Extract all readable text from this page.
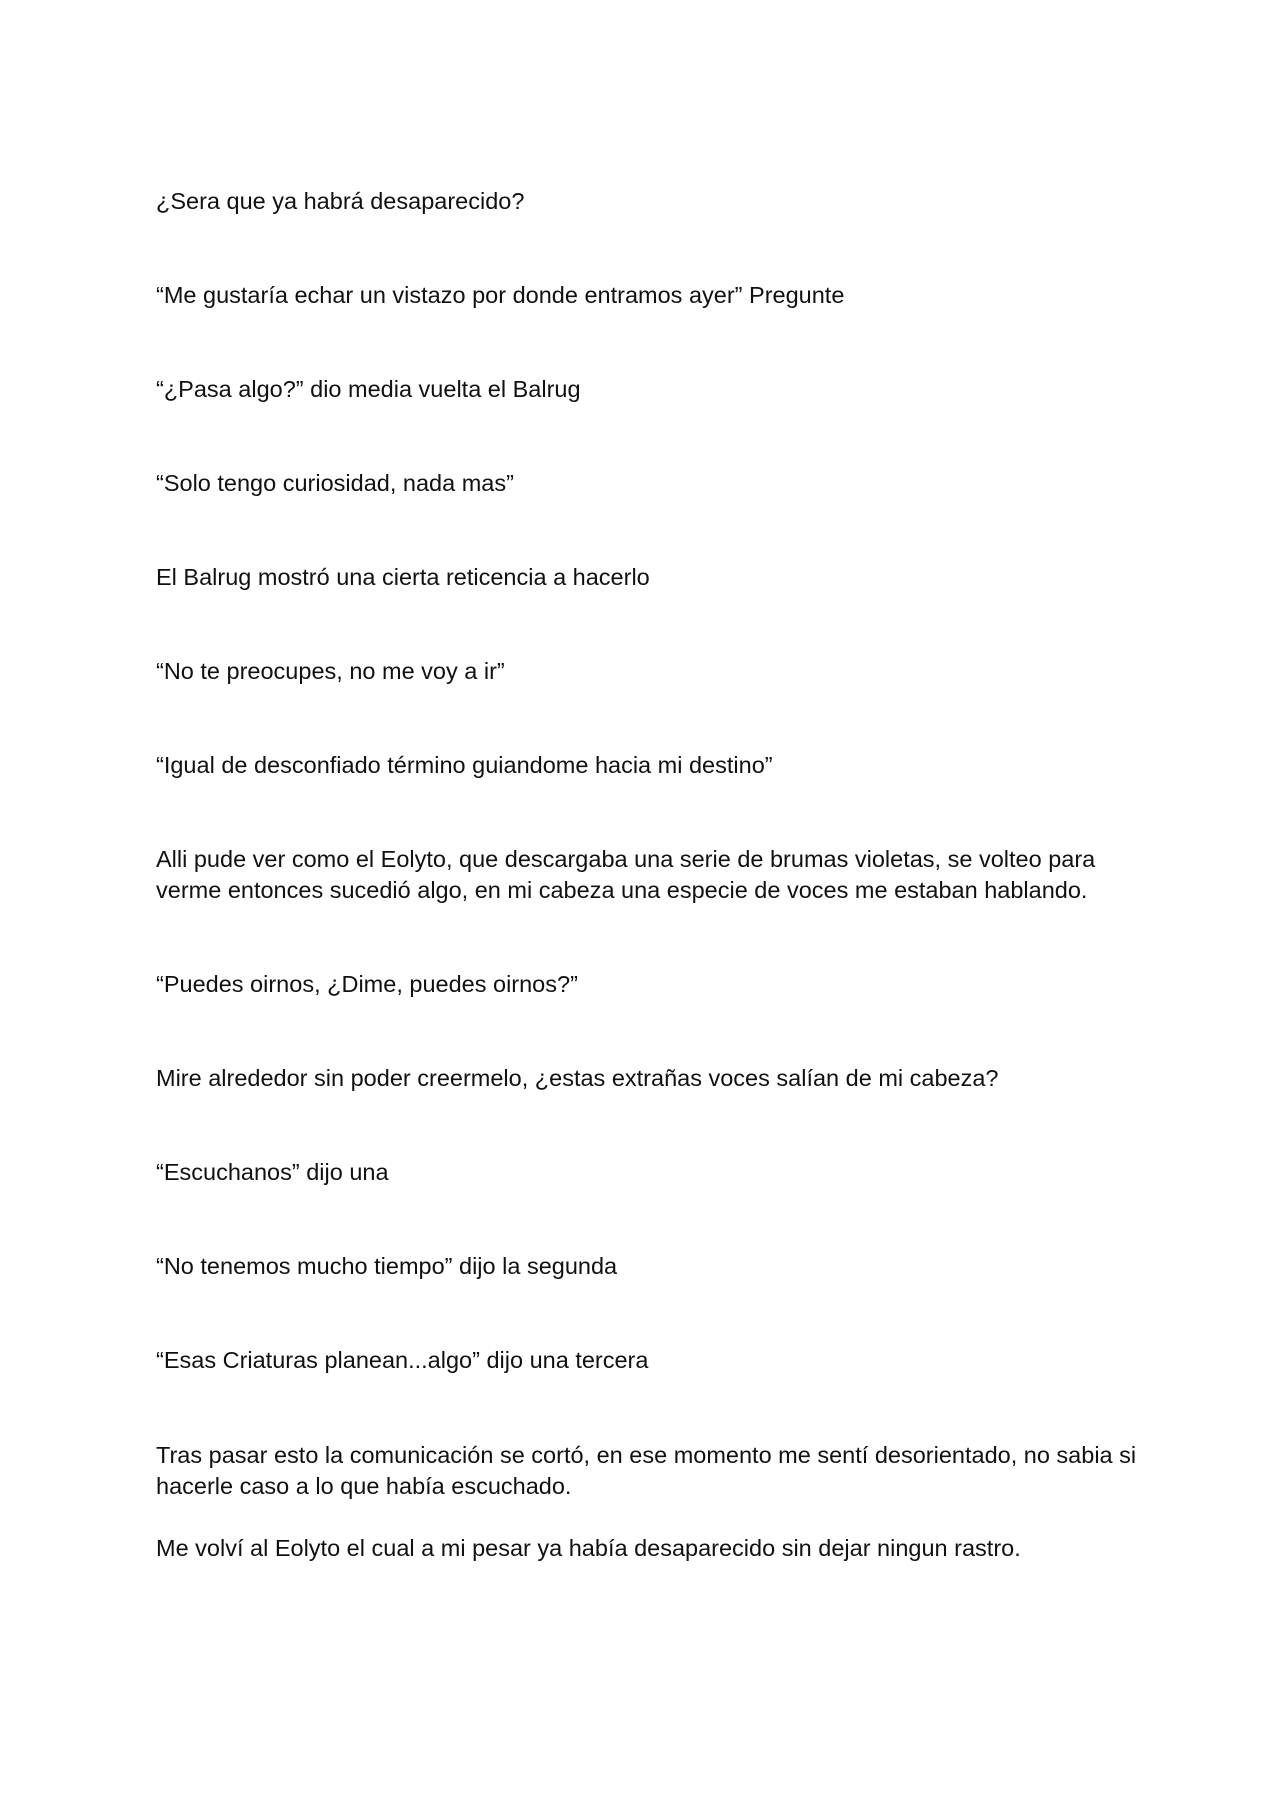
¿Sera que ya habrá desaparecido?

“Me gustaría echar un vistazo por donde entramos ayer” Pregunte

“¿Pasa algo?” dio media vuelta el Balrug

“Solo tengo curiosidad, nada mas”

El Balrug mostró una cierta reticencia a hacerlo

“No te preocupes, no me voy a ir”

“Igual de desconfiado término guiandome hacia mi destino”

Alli pude ver como el Eolyto, que descargaba una serie de brumas violetas, se volteo para verme entonces sucedió algo, en mi cabeza una especie de voces me estaban hablando.

“Puedes oirnos, ¿Dime, puedes oirnos?”

Mire alrededor sin poder creermelo, ¿estas extrañas voces salían de mi cabeza?

“Escuchanos” dijo una

“No tenemos mucho tiempo” dijo la segunda

“Esas Criaturas planean...algo” dijo una tercera

Tras pasar esto la comunicación se cortó, en ese momento me sentí desorientado, no sabia si hacerle caso a lo que había escuchado.

Me volví al Eolyto el cual a mi pesar ya había desaparecido sin dejar ningun rastro.
